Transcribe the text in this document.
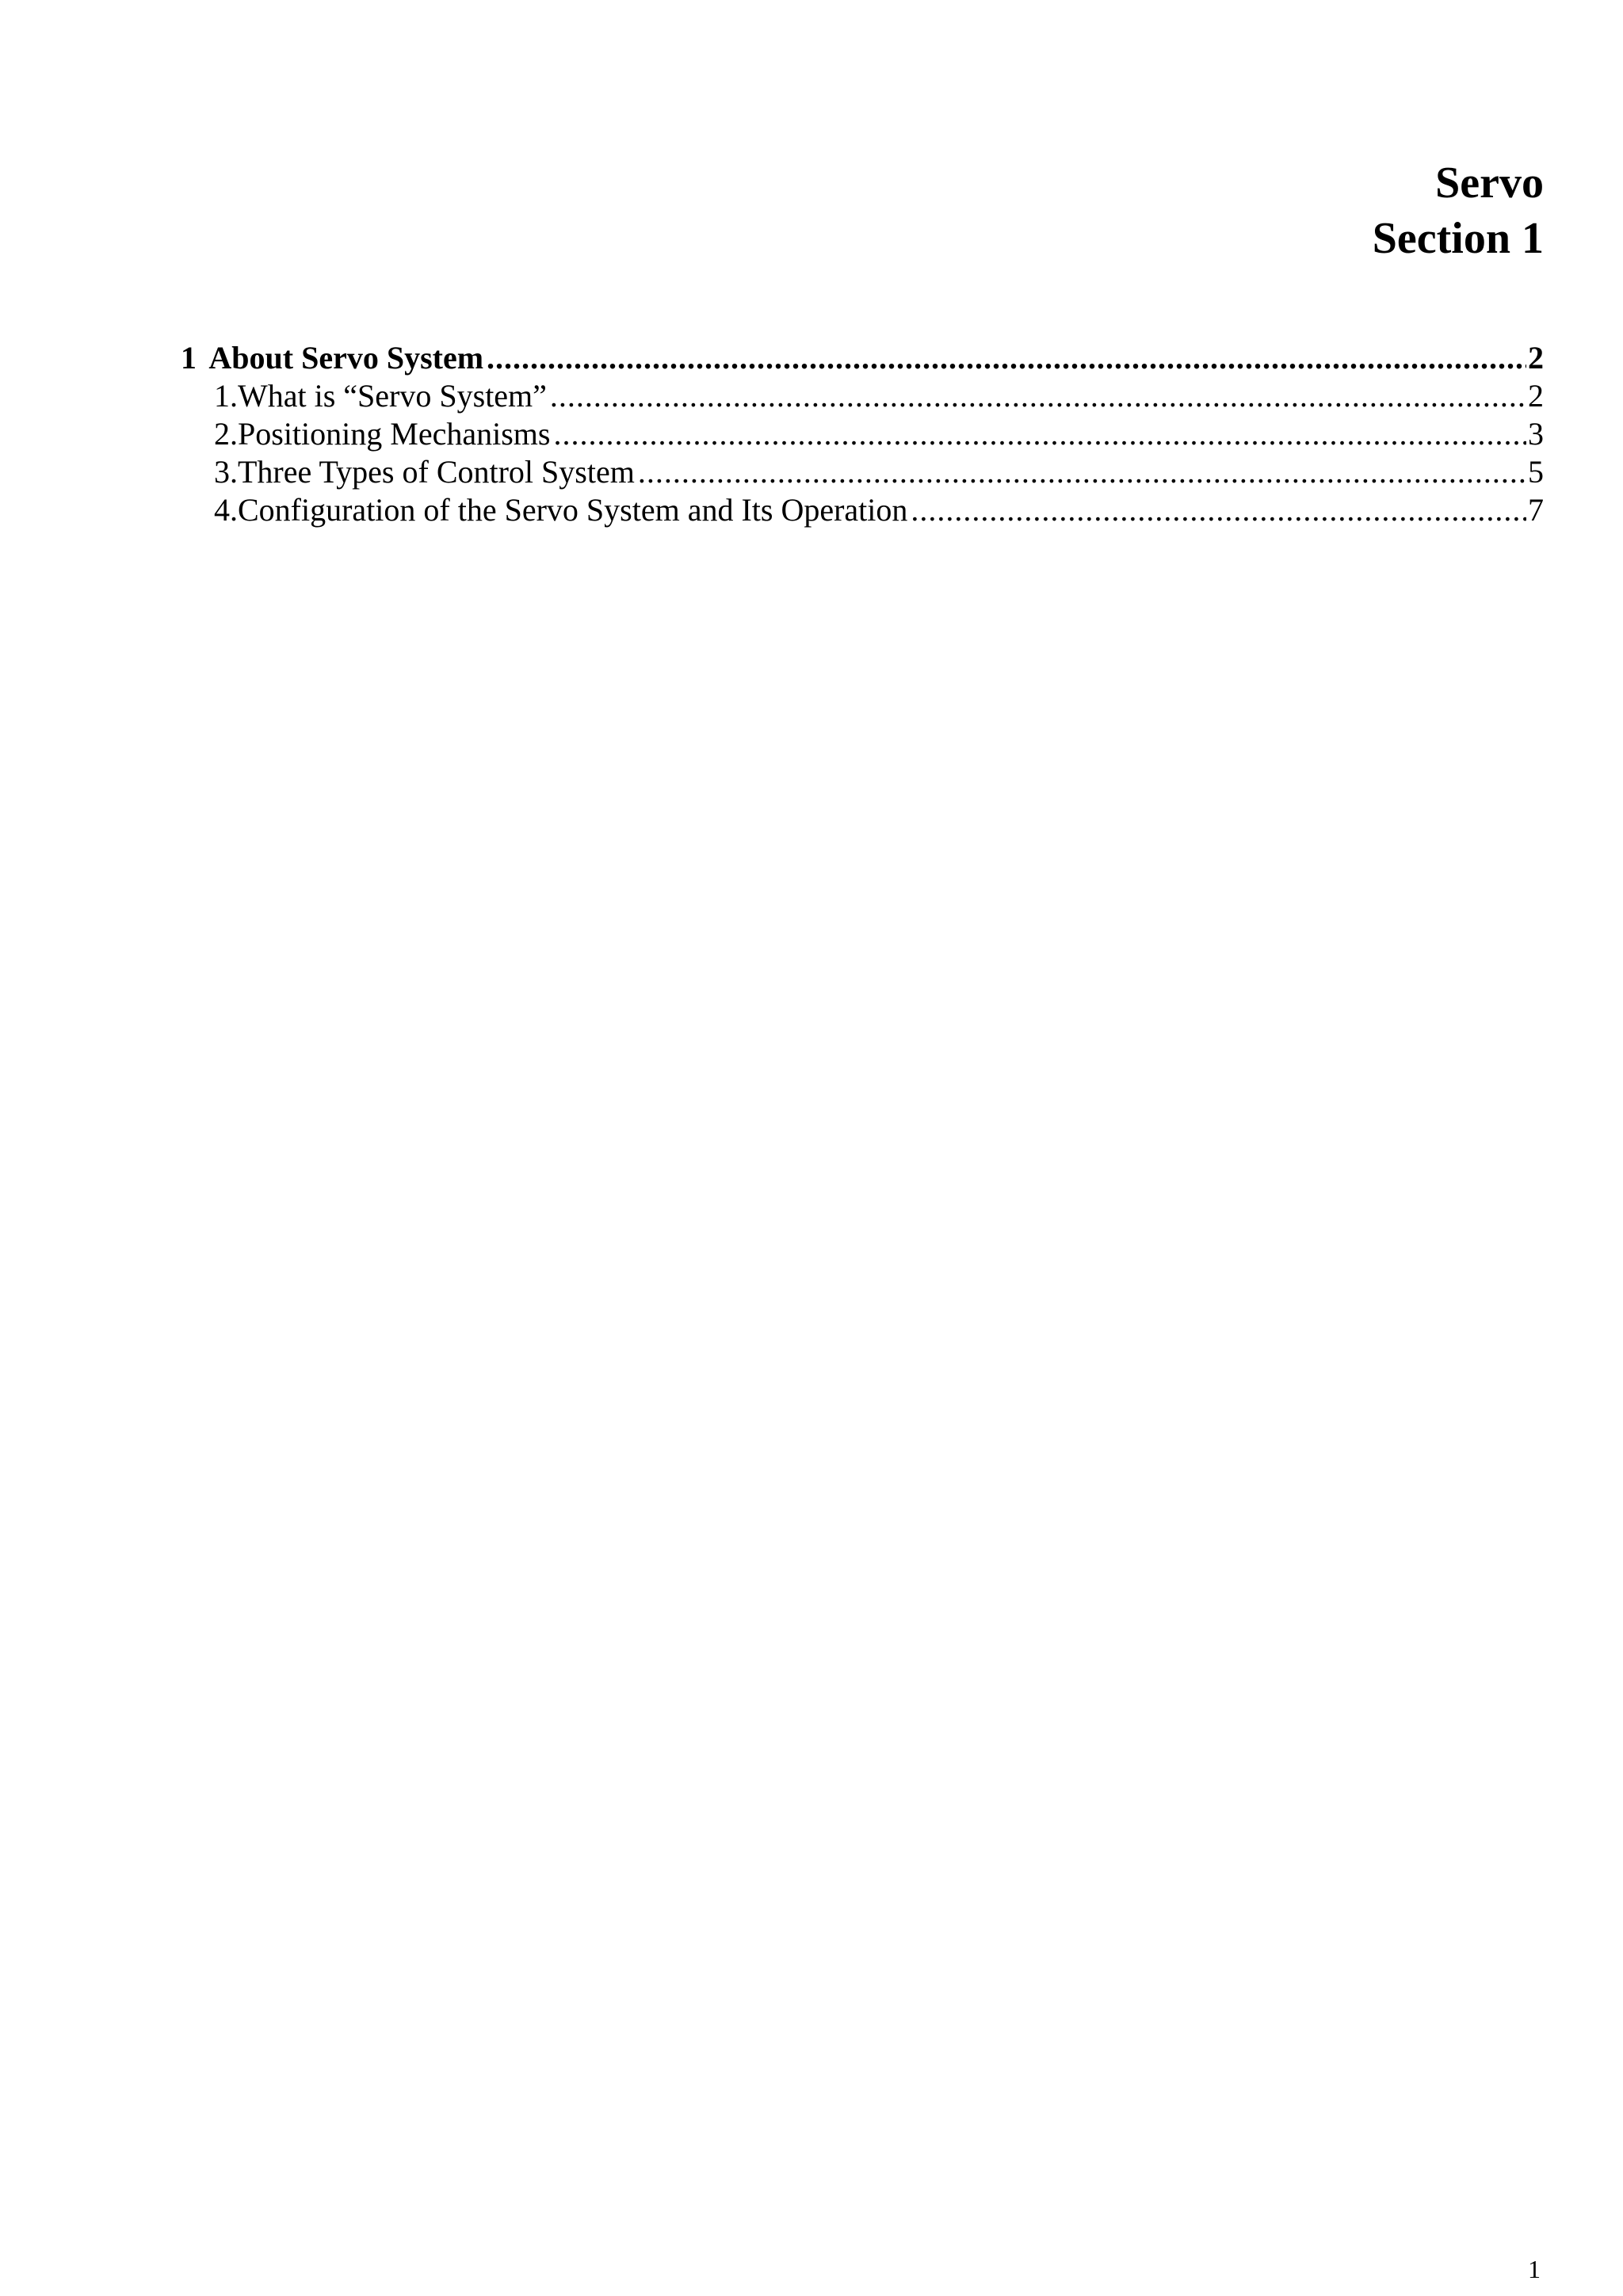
Servo
Section 1
1 About Servo System .....	2
1. What is “Servo System” .....	2
2. Positioning Mechanisms .....	3
3. Three Types of Control System .....	5
4. Configuration of the Servo System and Its Operation .....	7
1
